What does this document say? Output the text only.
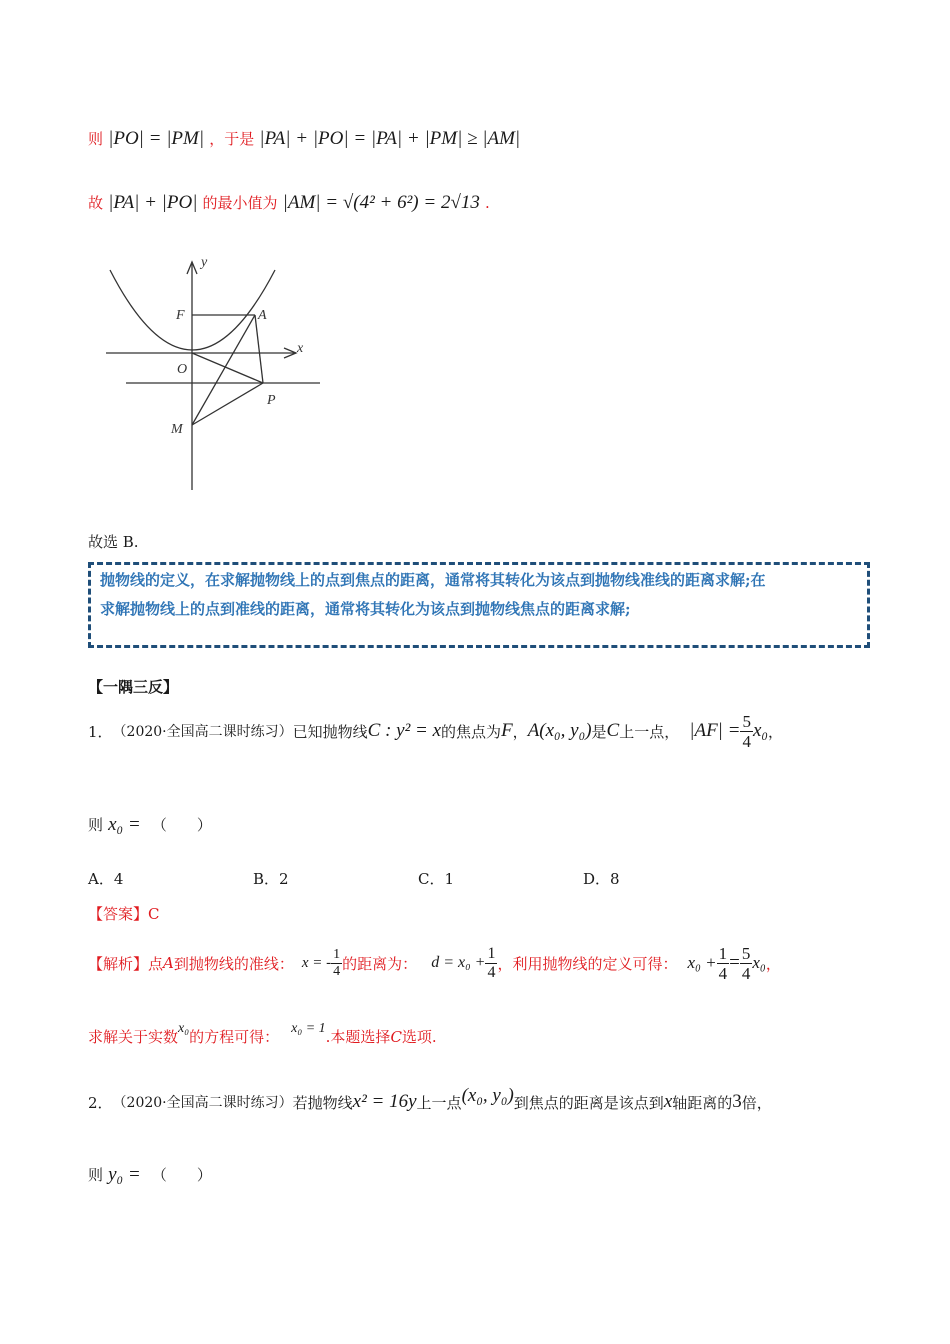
则 |PO| = |PM| ，于是 |PA| + |PO| = |PA| + |PM| ≥ |AM|
故 |PA| + |PO| 的最小值为 |AM| = √(4² + 6²) = 2√13 .
y
x
F	A
O
P
M
故选 B.
抛物线的定义，在求解抛物线上的点到焦点的距离，通常将其转化为该点到抛物线准线的距离求解;在
求解抛物线上的点到准线的距离，通常将其转化为该点到抛物线焦点的距离求解;
【一隅三反】
1． （2020·全国高二课时练习） 已知抛物线 C : y² = x 的焦点为 F ， A(x₀, y₀) 是 C 上一点， $|AF| = \frac{5}{4} x_0$ ，
则 x₀ = （　　）
A．4	B．2	C．1	D．8
【答案】C
【解析】 点 A 到抛物线的准线： x = - $\frac{1}{4}$ 的距离为： $d = x_0 + \frac{1}{4}$ ，利用抛物线的定义可得： $x_0 + \frac{1}{4} = \frac{5}{4} x_0$ ，
求解关于实数 x₀ 的方程可得： x₀ = 1 .本题选择 C 选项.
2． （2020·全国高二课时练习） 若抛物线 x² = 16y 上一点 (x₀, y₀) 到焦点的距离是该点到 x 轴距离的 3 倍，
则 y₀ = （　　）
